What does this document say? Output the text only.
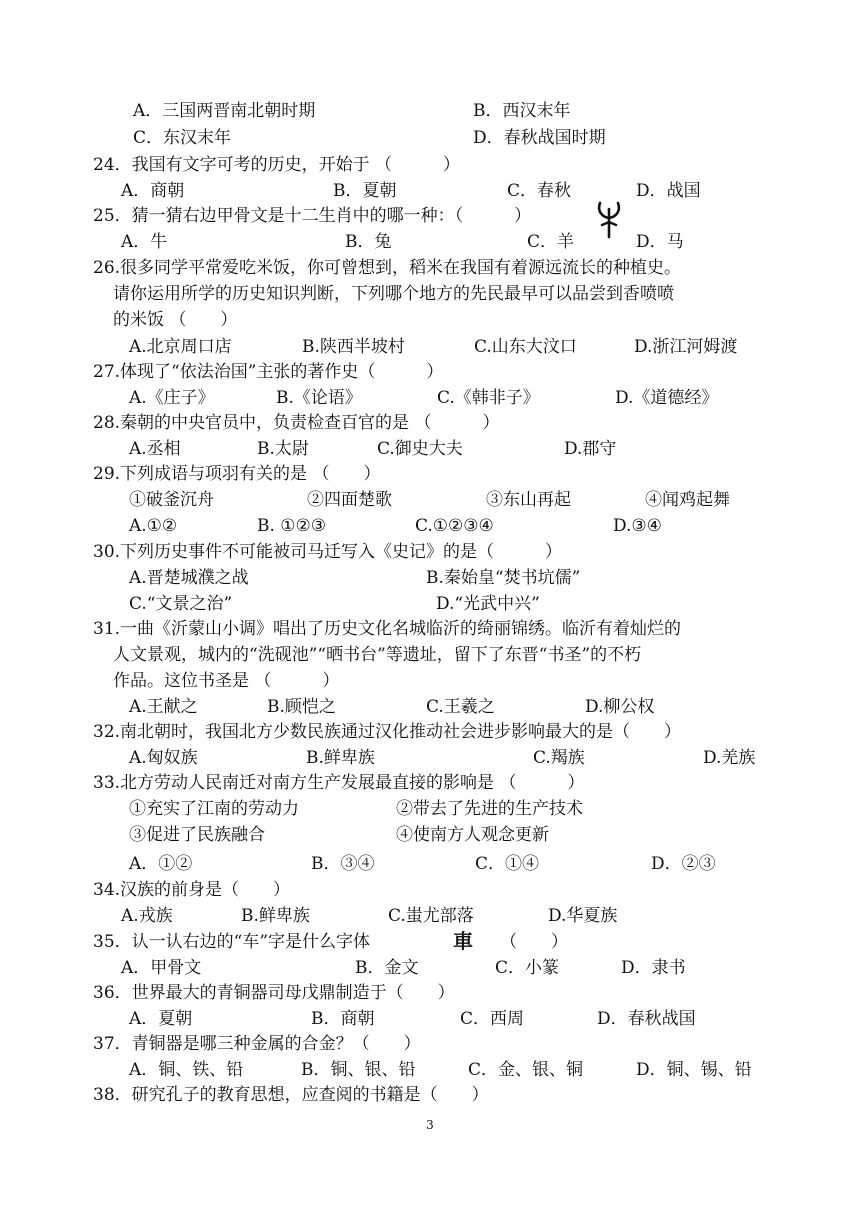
A．三国两晋南北朝时期	B．西汉末年
C．东汉末年	D．春秋战国时期
24．我国有文字可考的历史，开始于 （　　　）
A．商朝	B．夏朝	C．春秋	D．战国
25．猜一猜右边甲骨文是十二生肖中的哪一种：（　　　）
A．牛	B．兔	C．羊	D．马
26.很多同学平常爱吃米饭，你可曾想到，稻米在我国有着源远流长的种植史。
请你运用所学的历史知识判断，下列哪个地方的先民最早可以品尝到香喷喷
的米饭 （　　）
A.北京周口店	B.陕西半坡村	C.山东大汶口	D.浙江河姆渡
27.体现了“依法治国”主张的著作史（　　　）
A.《庄子》	B.《论语》	C.《韩非子》	D.《道德经》
28.秦朝的中央官员中，负责检查百官的是 （　　　）
A.丞相	B.太尉	C.御史大夫	D.郡守
29.下列成语与项羽有关的是 （　　）
①破釜沉舟	②四面楚歌	③东山再起	④闻鸡起舞
A.①②	B. ①②③	C.①②③④	D.③④
30.下列历史事件不可能被司马迁写入《史记》的是（　　　）
A.晋楚城濮之战	B.秦始皇“焚书坑儒”
C.“文景之治”	D.“光武中兴”
31.一曲《沂蒙山小调》唱出了历史文化名城临沂的绮丽锦绣。临沂有着灿烂的
人文景观，城内的“洗砚池”“晒书台”等遗址，留下了东晋“书圣”的不朽
作品。这位书圣是 （　　　）
A.王献之	B.顾恺之	C.王羲之	D.柳公权
32.南北朝时，我国北方少数民族通过汉化推动社会进步影响最大的是（　　）
A.匈奴族	B.鲜卑族	C.羯族	D.羌族
33.北方劳动人民南迁对南方生产发展最直接的影响是 （　　　）
①充实了江南的劳动力	②带去了先进的生产技术
③促进了民族融合	④使南方人观念更新
A．①②	B．③④	C．①④	D．②③
34.汉族的前身是（　　）
A.戎族	B.鲜卑族	C.蚩尤部落	D.华夏族
35．认一认右边的“车”字是什么字体	（　　）
車
A．甲骨文	B．金文	C．小篆	D．隶书
36．世界最大的青铜器司母戊鼎制造于（　　）
A．夏朝	B．商朝	C．西周	D．春秋战国
37．青铜器是哪三种金属的合金？（　　）
A．铜、铁、铅	B．铜、银、铅	C．金、银、铜	D．铜、锡、铅
38．研究孔子的教育思想，应查阅的书籍是（　　）
3
